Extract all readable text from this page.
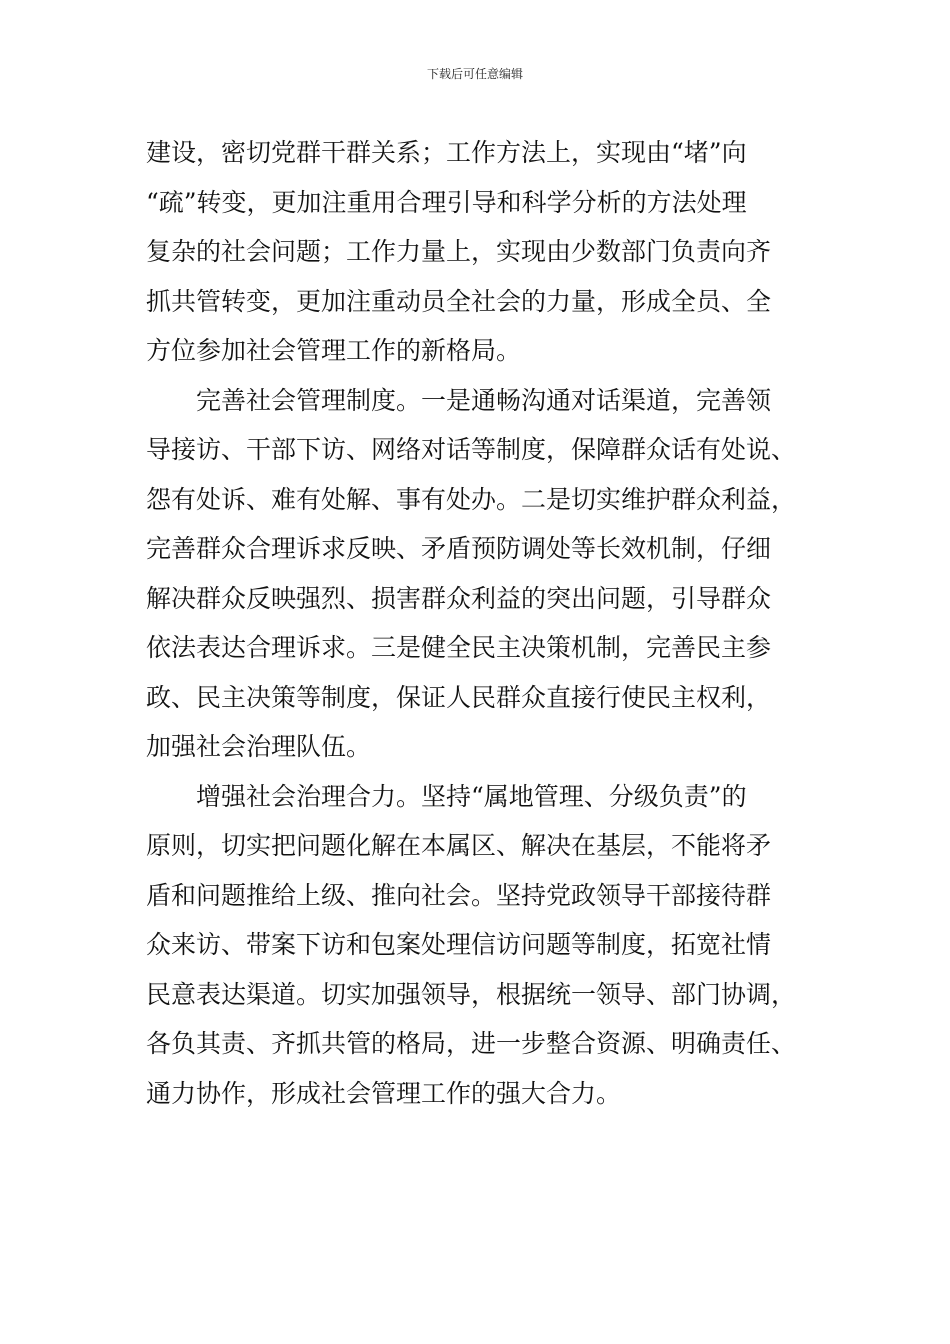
下载后可任意编辑
建设，密切党群干群关系；工作方法上，实现由“堵”向
“疏”转变，更加注重用合理引导和科学分析的方法处理
复杂的社会问题；工作力量上，实现由少数部门负责向齐
抓共管转变，更加注重动员全社会的力量，形成全员、全
方位参加社会管理工作的新格局。
完善社会管理制度。一是通畅沟通对话渠道，完善领
导接访、干部下访、网络对话等制度，保障群众话有处说、
怨有处诉、难有处解、事有处办。二是切实维护群众利益，
完善群众合理诉求反映、矛盾预防调处等长效机制，仔细
解决群众反映强烈、损害群众利益的突出问题，引导群众
依法表达合理诉求。三是健全民主决策机制，完善民主参
政、民主决策等制度，保证人民群众直接行使民主权利，
加强社会治理队伍。
增强社会治理合力。坚持“属地管理、分级负责”的
原则，切实把问题化解在本属区、解决在基层，不能将矛
盾和问题推给上级、推向社会。坚持党政领导干部接待群
众来访、带案下访和包案处理信访问题等制度，拓宽社情
民意表达渠道。切实加强领导，根据统一领导、部门协调，
各负其责、齐抓共管的格局，进一步整合资源、明确责任、
通力协作，形成社会管理工作的强大合力。
